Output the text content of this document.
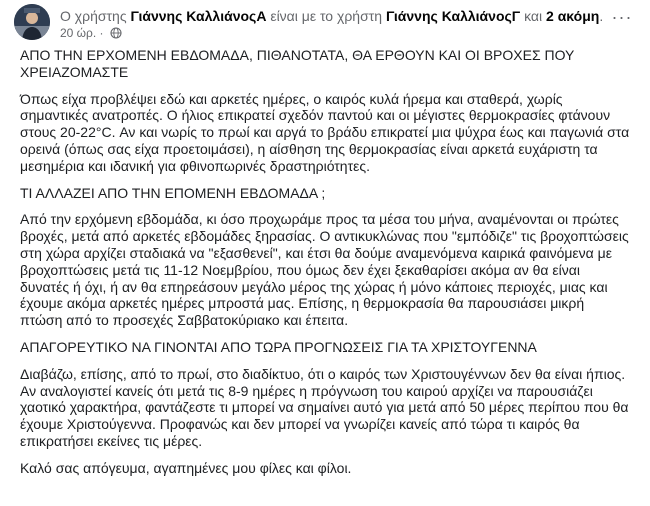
Ο χρήστης Γιάννης ΚαλλιάνοςΑ είναι με το χρήστη Γιάννης ΚαλλιάνοςΓ και 2 ακόμη.
20 ώρ. ·
···

ΑΠΟ ΤΗΝ ΕΡΧΟΜΕΝΗ ΕΒΔΟΜΑΔΑ, ΠΙΘΑΝΟΤΑΤΑ, ΘΑ ΕΡΘΟΥΝ ΚΑΙ ΟΙ ΒΡΟΧΕΣ ΠΟΥ ΧΡΕΙΑΖΟΜΑΣΤΕ

Όπως είχα προβλέψει εδώ και αρκετές ημέρες, ο καιρός κυλά ήρεμα και σταθερά, χωρίς σημαντικές ανατροπές. Ο ήλιος επικρατεί σχεδόν παντού και οι μέγιστες θερμοκρασίες φτάνουν στους 20-22°C. Αν και νωρίς το πρωί και αργά το βράδυ επικρατεί μια ψύχρα έως και παγωνιά στα ορεινά (όπως σας είχα προετοιμάσει), η αίσθηση της θερμοκρασίας είναι αρκετά ευχάριστη τα μεσημέρια και ιδανική για φθινοπωρινές δραστηριότητες.

ΤΙ ΑΛΛΑΖΕΙ ΑΠΟ ΤΗΝ ΕΠΟΜΕΝΗ ΕΒΔΟΜΑΔΑ ;

Από την ερχόμενη εβδομάδα, κι όσο προχωράμε προς τα μέσα του μήνα, αναμένονται οι πρώτες βροχές, μετά από αρκετές εβδομάδες ξηρασίας. Ο αντικυκλώνας που "εμπόδιζε" τις βροχοπτώσεις στη χώρα αρχίζει σταδιακά να "εξασθενεί", και έτσι θα δούμε αναμενόμενα καιρικά φαινόμενα με βροχοπτώσεις μετά τις 11-12 Νοεμβρίου, που όμως δεν έχει ξεκαθαρίσει ακόμα αν θα είναι δυνατές ή όχι, ή αν θα επηρεάσουν μεγάλο μέρος της χώρας ή μόνο κάποιες περιοχές, μιας και έχουμε ακόμα αρκετές ημέρες μπροστά μας. Επίσης, η θερμοκρασία θα παρουσιάσει μικρή πτώση από το προσεχές Σαββατοκύριακο και έπειτα.

ΑΠΑΓΟΡΕΥΤΙΚΟ ΝΑ ΓΙΝΟΝΤΑΙ ΑΠΟ ΤΩΡΑ ΠΡΟΓΝΩΣΕΙΣ ΓΙΑ ΤΑ ΧΡΙΣΤΟΥΓΕΝΝΑ

Διαβάζω, επίσης, από το πρωί, στο διαδίκτυο, ότι ο καιρός των Χριστουγέννων δεν θα είναι ήπιος. Αν αναλογιστεί κανείς ότι μετά τις 8-9 ημέρες η πρόγνωση του καιρού αρχίζει να παρουσιάζει χαοτικό χαρακτήρα, φαντάζεστε τι μπορεί να σημαίνει αυτό για μετά από 50 μέρες περίπου που θα έχουμε Χριστούγεννα. Προφανώς και δεν μπορεί να γνωρίζει κανείς από τώρα τι καιρός θα επικρατήσει εκείνες τις μέρες.

Καλό σας απόγευμα, αγαπημένες μου φίλες και φίλοι.
